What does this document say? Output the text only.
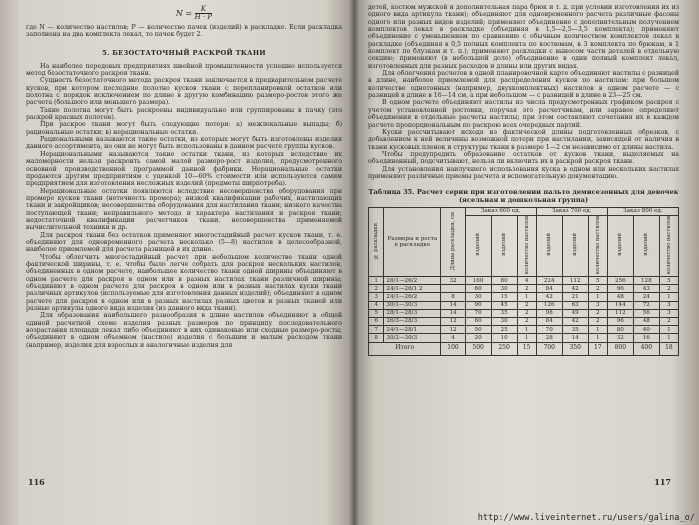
$N = \frac{K}{H \cdot P}$

где N — количество настилов; P — количество пачек (изделий) в раскладке. Если раскладка заполнена на два комплекта лекал, то пачек будет 2.

5. БЕЗОСТАТОЧНЫЙ РАСКРОЙ ТКАНИ

На наиболее передовых предприятиях швейной промышленности успешно используется метод безостаточного раскроя ткани.

Сущность безостаточного метода раскроя ткани заключается в предварительном расчете кусков, при котором последние полотно кусков ткани с перепланировкой остатков или полотна с порядок исключением по длине в другую комбинацию размеро-ростов этого же расчета (большого или меньшего размера).

Такие полотна могут быть раскроены индивидуально или группированы в пачку (это раскрой красных полотен).

При раскрое ткани могут быть следующие потери: а) межлекальные выпады; б) рациональные остатки; в) нерациональные остатки.

Рациональными называются такие остатки, из которых могут быть изготовлены изделия данного ассортимента, но они не могут быть использованы в данном расчете группы кусков.

Нерациональными называются такие остатки ткани, из которых вследствие их маломерности нельзя раскроить самой малой размеро-рост изделия, предусмотренного основной производственной программой данной фабрики. Нерациональные остатки продаются другим предприятиям с уценкой 10—60% стоимости или используются самим предприятием для изготовления несложных изделий (предметы ширпотреба).

Нерациональные остатки появляются вследствие несовершенства оборудования при промере кусков ткани (неточность промера); низкой квалификации рабочих, настилающих ткани и закройщиков; несовершенства оборудования для настилания ткани; низкого качества поступающей ткани; неправильного метода и характера настилания и раскроя ткани; недостаточной квалификации расчетчиков ткани, несовершенства применяемой вычислительной техники и др.

Для раскроя ткани без остатков применяют многостадийный расчет кусков ткани, т. е. объединяют для одновременного расчета несколько (5—8) настилов в целесообразной, наиболее приемлемой для расчета разницей в их длине.

Чтобы облегчить многостадийный расчет при небольшом количестве ткани одной фактической ширины, т. е. чтобы было легче собрать для раскроя нескольких настилов, объединенных в одном расчете, наибольшее количество ткани одной ширины объединяют в одном расчете для раскроя в одном или в разных настилах ткани различной ширины; объединяют в одном расчете для раскроя в одном или в разных настилах куски ткани различных артикулов (используемые для изготовления данных изделий); объединяют в одном расчете для раскроя в одном или в разных настилах разных цветов и разных тканей или разные артикулы одного вида изделия (из данного вида ткани).

Для образования наибольшего разнообразия в длине настилов объединяют в общей единой расчетной схеме изделия разных размеров по принципу последовательного возрастания площади лекал либо объединяют в них одинаковые или сходные размеро-росты; объединяют в одном объемном (настиле) изделия с большим и малым расходом ткани (например, изделия для взрослых и аналогичные изделия для

116

детей, костюм мужской и дополнительная пара брюк и т. д. при условии изготовления их из одного вида артикула ткани); объединяют для одновременного расчета различные фасоны одного или разных видов изделий; применяют объединение с дополнительным получением комплектов лекал в раскладке (объединяя в 1,5—2,5—3,5 комплекта); применяют объединение с уменьшением по сравнению с обычным количеством комплектов лекал в раскладке (объединяя в 0,5 полных комплекта по костюмам, в 3 комплекта по брюкам, в 1 комплект по блузкам и т. п.); применяют раскладки с выносом части деталей в отдельную секцию; применяют (в небольшой доле) объединение в один полный комплект лекал, изготовленных для разных расходов и длины или других видах.

Для облегчения расчетов в одной планировочной карте объединяют настилы с разницей в длине, наиболее приемлемой для распределения кусков по настилам: при большом количестве однотонных (например, двухкомплектных) настилов в одном расчете — с разницей в длине в 16—14 см, а при небольшом — с разницей в длине в 23—25 см.

В одном расчете объединяют настилы из числа предусмотренных графиком раскроя с учетом установленной ростовки, поручая это расчетчикам, или заранее определяют объединения в отдельные расчеты настилы; при этом составляют сочетания их в каждом расчете пропорциональным по раскрою всех очередных партий.

Куски рассчитывают исходя из фактической длины подготовленных обрезков, с добавлением к ней величины возможной потери при настилании, зависящей от наличия в ткани кусковых пленок и структуры ткани в размере 1—2 см независимо от длины настила.

Чтобы предупредить образование остатков от кусков ткани, выделяемых на объединенный, подсчитывают, нельзя ли включить их в раскрой раскроя ткани.

Для установления наилучшего использования куска в одном или нескольких настилах применяют различные приемы расчета и вспомогательную документацию.

Таблица 35. Расчет серии при изготовлении пальто демисезонных для девочек (ясельная и дошкольная группа)
№ раскладки	Размеры и роста в раскладке	Длина раскладки, см	Заказ 600 ед.			Заказ 700 ед.			Заказ 800 ед.		
			изделий	изделий	количество настилов	изделий	изделий	количество настилов	изделий	изделий	количество настилов
1	26/1—26/2	32	160	80	4	224	112	5	256	128	5
2	24/1—26/1 2		60	30	2	84	42	2	96	43	2
3	24/1—26/2	8	30	15	1	42	21	1	48	24	1
4	30/1—30/3	14	90	45	2	126	63	3	144	72	3
5	28/1—28/3	14	70	35	2	98	49	2	112	56	3
6	26/3—28/3	12	60	30	2	84	42	2	96	48	2
7	24/1—28/1	12	50	25	1	70	35	1	80	40	1
8	30/2—30/3	4	20	10	1	28	14	1	32	16	1
Итого		100	500	250	15	700	350	17	800	400	18
117
http://www.liveinternet.ru/users/galina_o/
